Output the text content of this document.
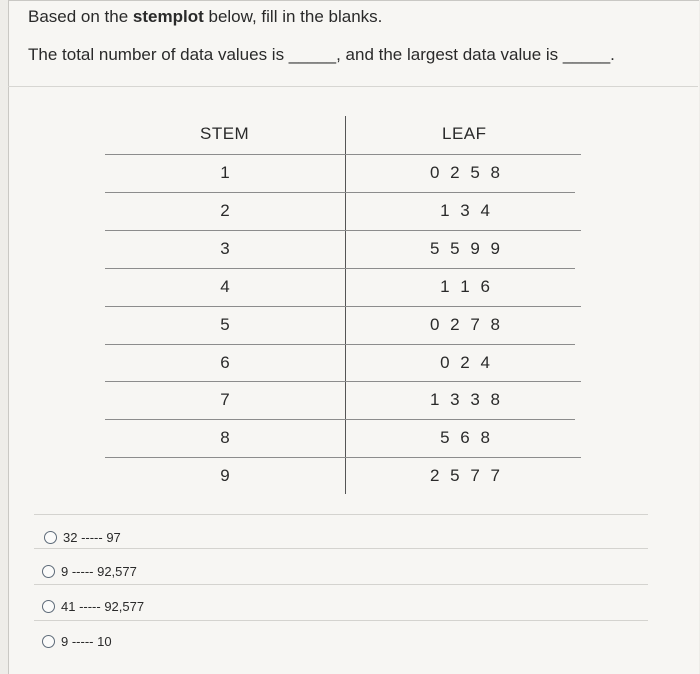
Based on the stemplot below, fill in the blanks.
The total number of data values is _____, and the largest data value is _____.
STEM	LEAF
1	0 2 5 8
2	1 3 4
3	5 5 9 9
4	1 1 6
5	0 2 7 8
6	0 2 4
7	1 3 3 8
8	5 6 8
9	2 5 7 7
32 ----- 97
9 ----- 92,577
41 ----- 92,577
9 ----- 10
